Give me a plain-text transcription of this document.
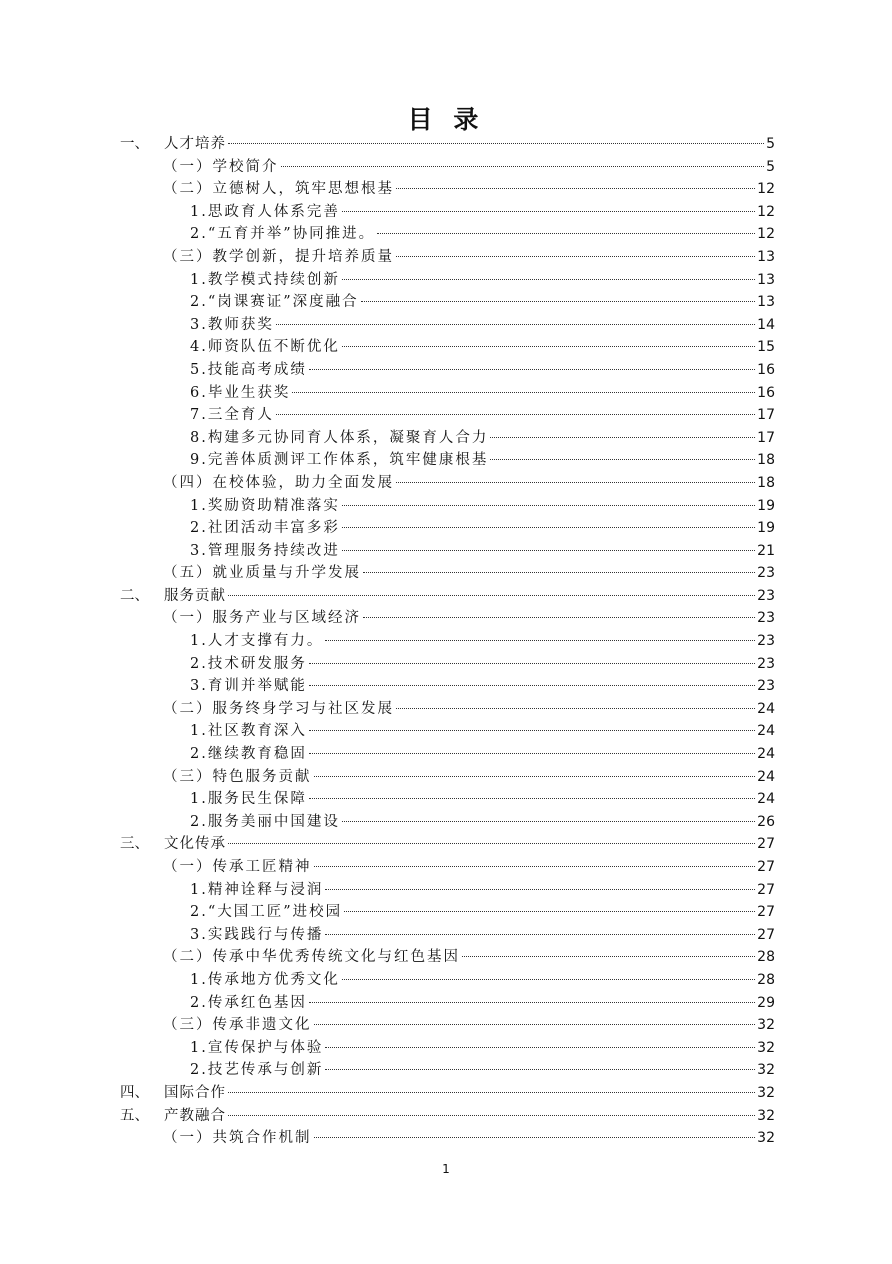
目 录
一、 人才培养	5
（一）学校简介	5
（二）立德树人，筑牢思想根基	12
1.思政育人体系完善	12
2.“五育并举”协同推进。	12
（三）教学创新，提升培养质量	13
1.教学模式持续创新	13
2.“岗课赛证”深度融合	13
3.教师获奖	14
4.师资队伍不断优化	15
5.技能高考成绩	16
6.毕业生获奖	16
7.三全育人	17
8.构建多元协同育人体系，凝聚育人合力	17
9.完善体质测评工作体系，筑牢健康根基	18
（四）在校体验，助力全面发展	18
1.奖励资助精准落实	19
2.社团活动丰富多彩	19
3.管理服务持续改进	21
（五）就业质量与升学发展	23
二、 服务贡献	23
（一）服务产业与区域经济	23
1.人才支撑有力。	23
2.技术研发服务	23
3.育训并举赋能	23
（二）服务终身学习与社区发展	24
1.社区教育深入	24
2.继续教育稳固	24
（三）特色服务贡献	24
1.服务民生保障	24
2.服务美丽中国建设	26
三、 文化传承	27
（一）传承工匠精神	27
1.精神诠释与浸润	27
2.“大国工匠”进校园	27
3.实践践行与传播	27
（二）传承中华优秀传统文化与红色基因	28
1.传承地方优秀文化	28
2.传承红色基因	29
（三）传承非遗文化	32
1.宣传保护与体验	32
2.技艺传承与创新	32
四、 国际合作	32
五、 产教融合	32
（一）共筑合作机制	32
1
